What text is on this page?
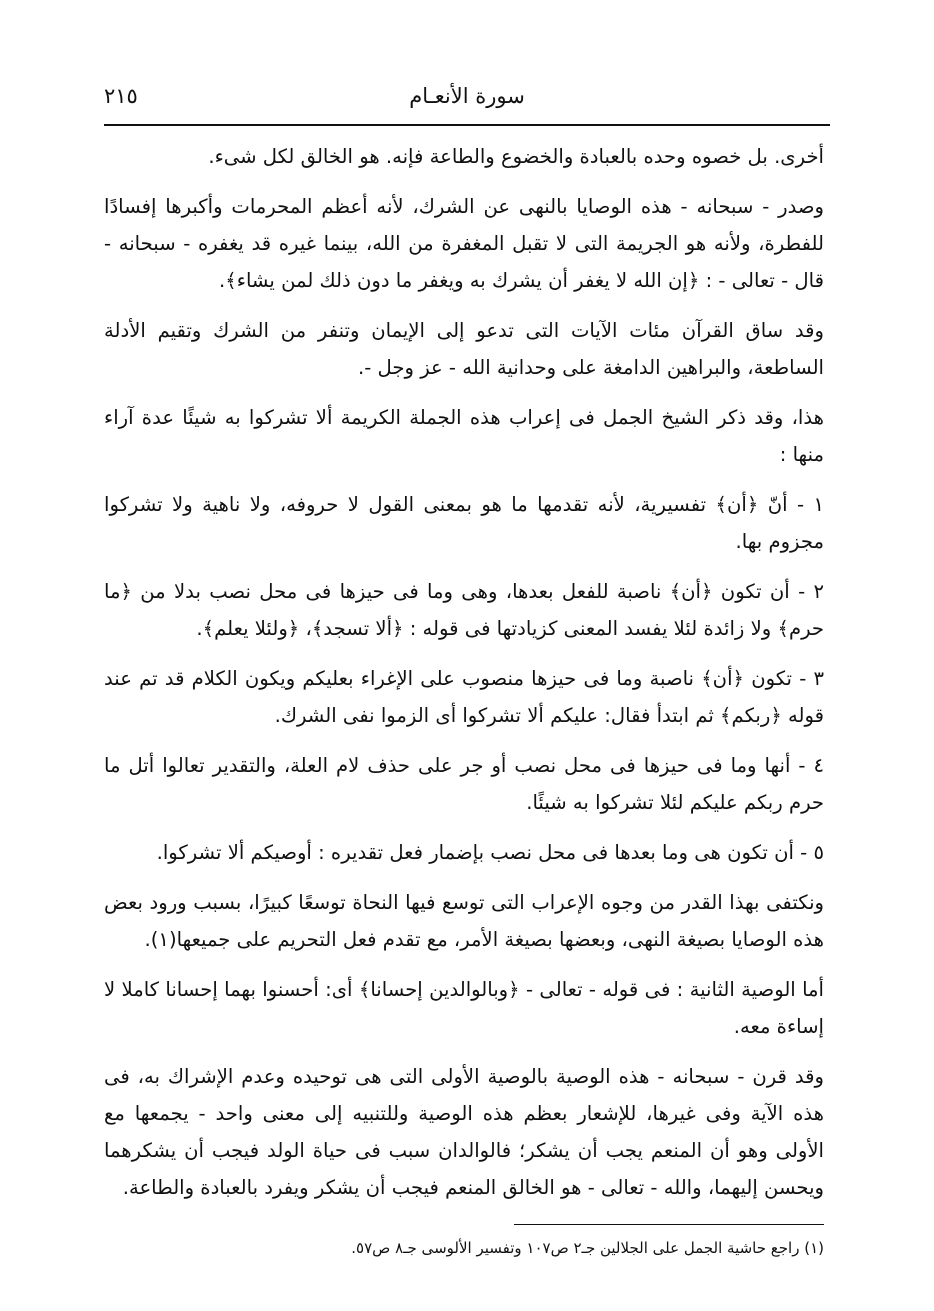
٢١٥	سورة الأنعـام

أخرى. بل خصوه وحده بالعبادة والخضوع والطاعة فإنه. هو الخالق لكل شىء.

وصدر - سبحانه - هذه الوصايا بالنهى عن الشرك، لأنه أعظم المحرمات وأكبرها إفسادًا للفطرة، ولأنه هو الجريمة التى لا تقبل المغفرة من الله، بينما غيره قد يغفره - سبحانه - قال - تعالى - : ﴿إن الله لا يغفر أن يشرك به ويغفر ما دون ذلك لمن يشاء﴾.

وقد ساق القرآن مئات الآيات التى تدعو إلى الإيمان وتنفر من الشرك وتقيم الأدلة الساطعة، والبراهين الدامغة على وحدانية الله - عز وجل -.

هذا، وقد ذكر الشيخ الجمل فى إعراب هذه الجملة الكريمة ألا تشركوا به شيئًا عدة آراء منها :

١ - أنّ ﴿أن﴾ تفسيرية، لأنه تقدمها ما هو بمعنى القول لا حروفه، ولا ناهية ولا تشركوا مجزوم بها.

٢ - أن تكون ﴿أن﴾ ناصبة للفعل بعدها، وهى وما فى حيزها فى محل نصب بدلا من ﴿ما حرم﴾ ولا زائدة لئلا يفسد المعنى كزيادتها فى قوله : ﴿ألا تسجد﴾، ﴿ولئلا يعلم﴾.

٣ - تكون ﴿أن﴾ ناصبة وما فى حيزها منصوب على الإغراء بعليكم ويكون الكلام قد تم عند قوله ﴿ربكم﴾ ثم ابتدأ فقال: عليكم ألا تشركوا أى الزموا نفى الشرك.

٤ - أنها وما فى حيزها فى محل نصب أو جر على حذف لام العلة، والتقدير تعالوا أتل ما حرم ربكم عليكم لئلا تشركوا به شيئًا.

٥ - أن تكون هى وما بعدها فى محل نصب بإضمار فعل تقديره : أوصيكم ألا تشركوا.

ونكتفى بهذا القدر من وجوه الإعراب التى توسع فيها النحاة توسعًا كبيرًا، بسبب ورود بعض هذه الوصايا بصيغة النهى، وبعضها بصيغة الأمر، مع تقدم فعل التحريم على جميعها(١).

أما الوصية الثانية : فى قوله - تعالى - ﴿وبالوالدين إحسانا﴾ أى: أحسنوا بهما إحسانا كاملا لا إساءة معه.

وقد قرن - سبحانه - هذه الوصية بالوصية الأولى التى هى توحيده وعدم الإشراك به، فى هذه الآية وفى غيرها، للإشعار بعظم هذه الوصية وللتنبيه إلى معنى واحد - يجمعها مع الأولى وهو أن المنعم يجب أن يشكر؛ فالوالدان سبب فى حياة الولد فيجب أن يشكرهما ويحسن إليهما، والله - تعالى - هو الخالق المنعم فيجب أن يشكر ويفرد بالعبادة والطاعة.

(١) راجع حاشية الجمل على الجلالين جـ٢ ص١٠٧ وتفسير الألوسى جـ٨ ص٥٧.
